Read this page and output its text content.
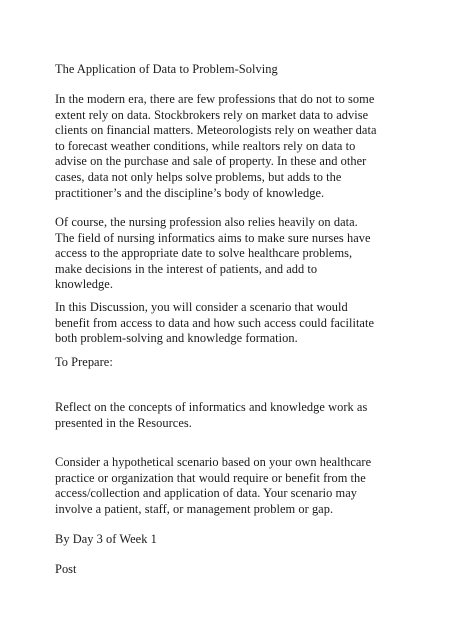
The Application of Data to Problem-Solving

In the modern era, there are few professions that do not to some
extent rely on data. Stockbrokers rely on market data to advise
clients on financial matters. Meteorologists rely on weather data
to forecast weather conditions, while realtors rely on data to
advise on the purchase and sale of property. In these and other
cases, data not only helps solve problems, but adds to the
practitioner’s and the discipline’s body of knowledge.

Of course, the nursing profession also relies heavily on data.
The field of nursing informatics aims to make sure nurses have
access to the appropriate date to solve healthcare problems,
make decisions in the interest of patients, and add to
knowledge.

In this Discussion, you will consider a scenario that would
benefit from access to data and how such access could facilitate
both problem-solving and knowledge formation.

To Prepare:

Reflect on the concepts of informatics and knowledge work as
presented in the Resources.

Consider a hypothetical scenario based on your own healthcare
practice or organization that would require or benefit from the
access/collection and application of data. Your scenario may
involve a patient, staff, or management problem or gap.

By Day 3 of Week 1

Post
